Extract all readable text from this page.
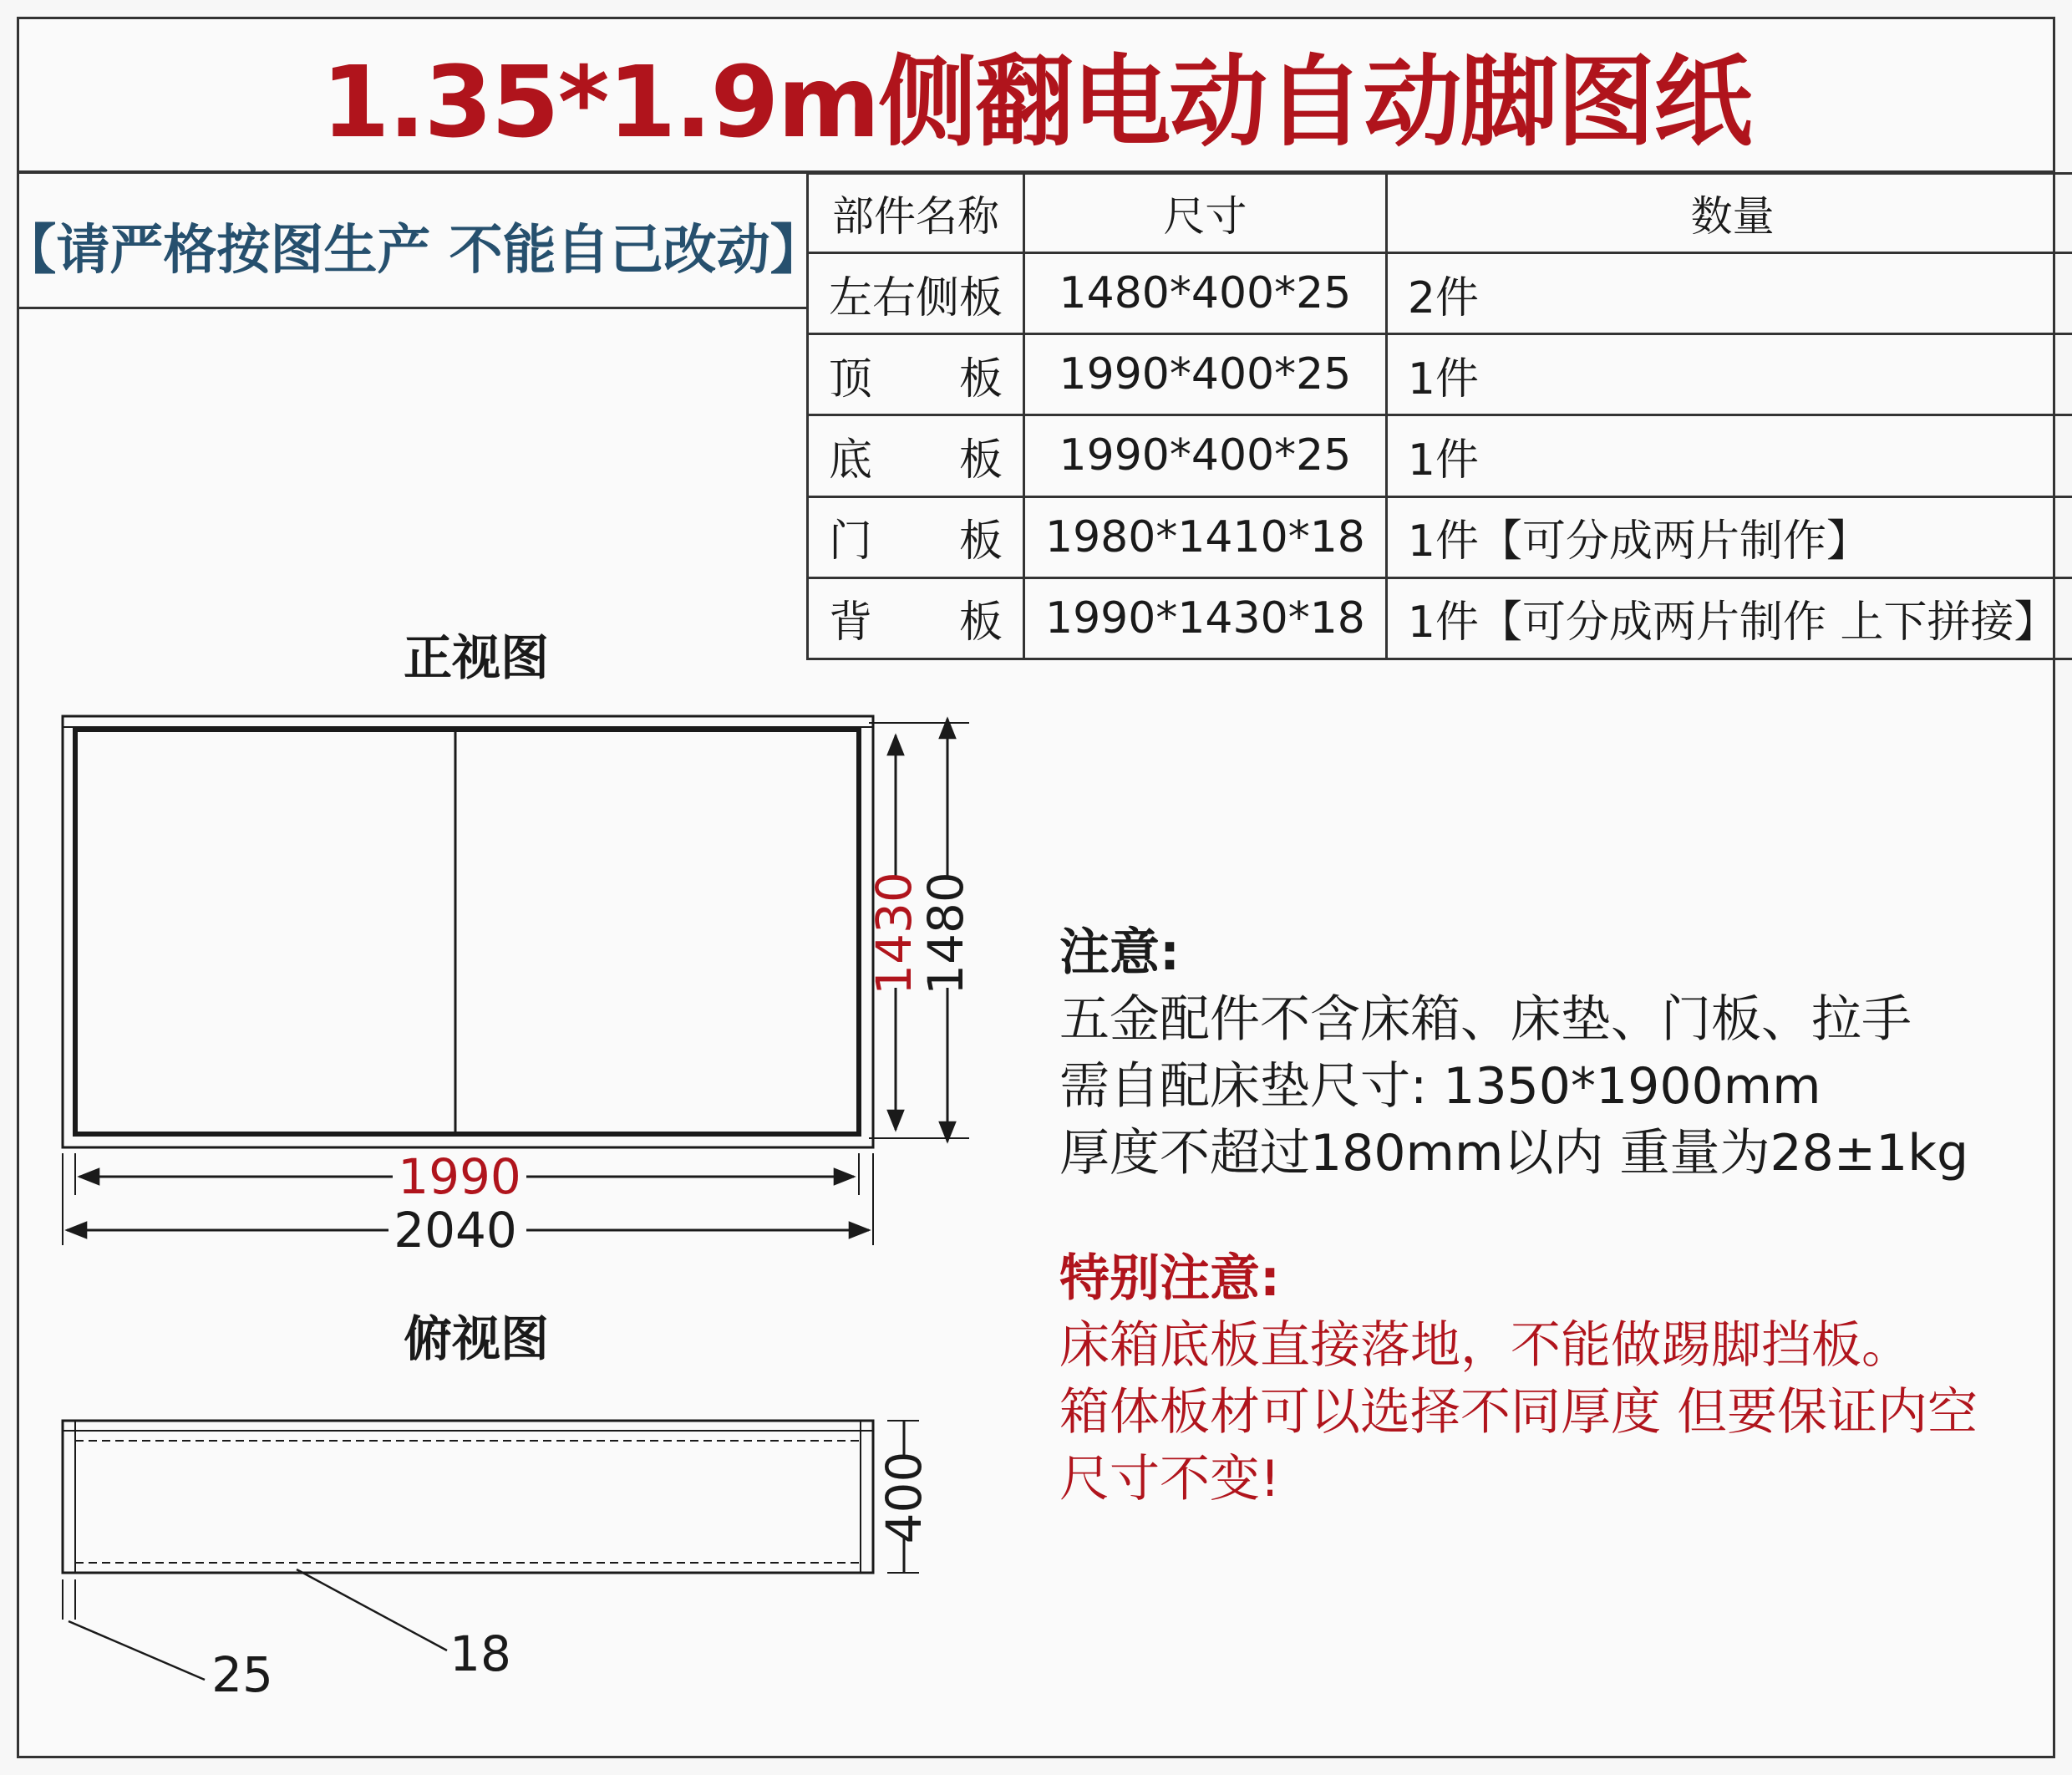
1.35*1.9m侧翻电动自动脚图纸
【请严格按图生产 不能自己改动】
部件名称	尺寸	数量
左右侧板	1480*400*25	2件
顶　　板	1990*400*25	1件
底　　板	1990*400*25	1件
门　　板	1980*1410*18	1件【可分成两片制作】
背　　板	1990*1430*18	1件【可分成两片制作 上下拼接】
正视图
俯视图
1430
1480
1990
2040
400
25	18
注意:
五金配件不含床箱、床垫、门板、拉手
需自配床垫尺寸: 1350*1900mm
厚度不超过180mm以内 重量为28±1kg
特别注意:
床箱底板直接落地，不能做踢脚挡板。
箱体板材可以选择不同厚度 但要保证内空
尺寸不变!
